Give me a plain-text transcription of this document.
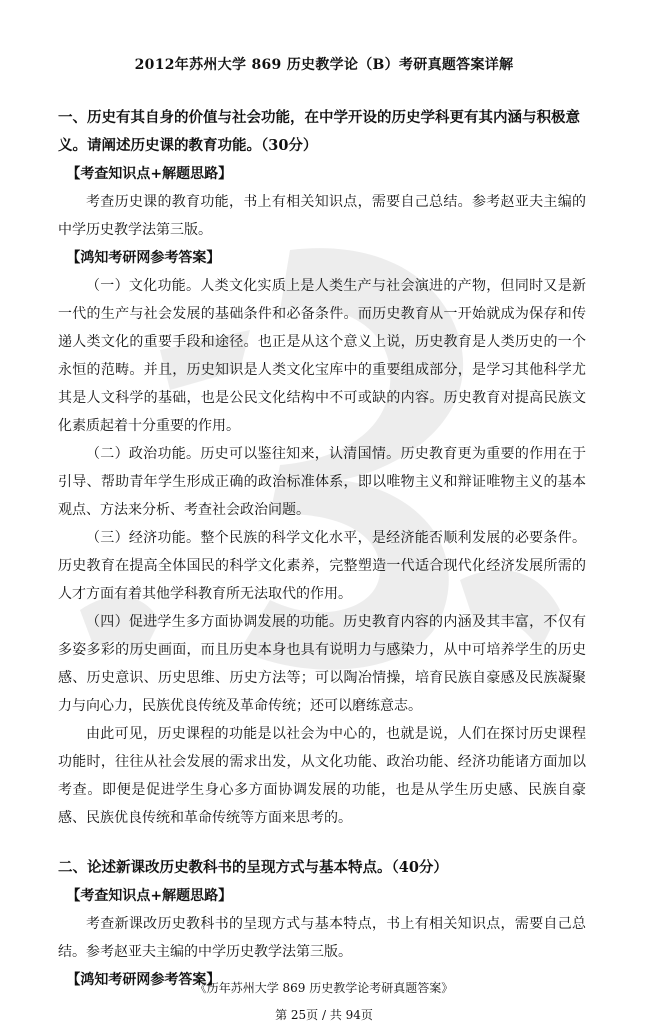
2012年苏州大学 869 历史教学论（B）考研真题答案详解

一、历史有其自身的价值与社会功能，在中学开设的历史学科更有其内涵与积极意义。请阐述历史课的教育功能。（30分）

【考查知识点+解题思路】

考查历史课的教育功能，书上有相关知识点，需要自己总结。参考赵亚夫主编的中学历史教学法第三版。

【鸿知考研网参考答案】

（一）文化功能。人类文化实质上是人类生产与社会演进的产物，但同时又是新一代的生产与社会发展的基础条件和必备条件。而历史教育从一开始就成为保存和传递人类文化的重要手段和途径。也正是从这个意义上说，历史教育是人类历史的一个永恒的范畴。并且，历史知识是人类文化宝库中的重要组成部分，是学习其他科学尤其是人文科学的基础，也是公民文化结构中不可或缺的内容。历史教育对提高民族文化素质起着十分重要的作用。

（二）政治功能。历史可以鉴往知来，认清国情。历史教育更为重要的作用在于引导、帮助青年学生形成正确的政治标准体系，即以唯物主义和辩证唯物主义的基本观点、方法来分析、考查社会政治问题。

（三）经济功能。整个民族的科学文化水平，是经济能否顺利发展的必要条件。历史教育在提高全体国民的科学文化素养，完整塑造一代适合现代化经济发展所需的人才方面有着其他学科教育所无法取代的作用。

（四）促进学生多方面协调发展的功能。历史教育内容的内涵及其丰富，不仅有多姿多彩的历史画面，而且历史本身也具有说明力与感染力，从中可培养学生的历史感、历史意识、历史思维、历史方法等；可以陶冶情操，培育民族自豪感及民族凝聚力与向心力，民族优良传统及革命传统；还可以磨练意志。

由此可见，历史课程的功能是以社会为中心的，也就是说，人们在探讨历史课程功能时，往往从社会发展的需求出发，从文化功能、政治功能、经济功能诸方面加以考查。即便是促进学生身心多方面协调发展的功能，也是从学生历史感、民族自豪感、民族优良传统和革命传统等方面来思考的。

二、论述新课改历史教科书的呈现方式与基本特点。（40分）

【考查知识点+解题思路】

考查新课改历史教科书的呈现方式与基本特点，书上有相关知识点，需要自己总结。参考赵亚夫主编的中学历史教学法第三版。

【鸿知考研网参考答案】

《历年苏州大学 869 历史教学论考研真题答案》
第 25页 / 共 94页
